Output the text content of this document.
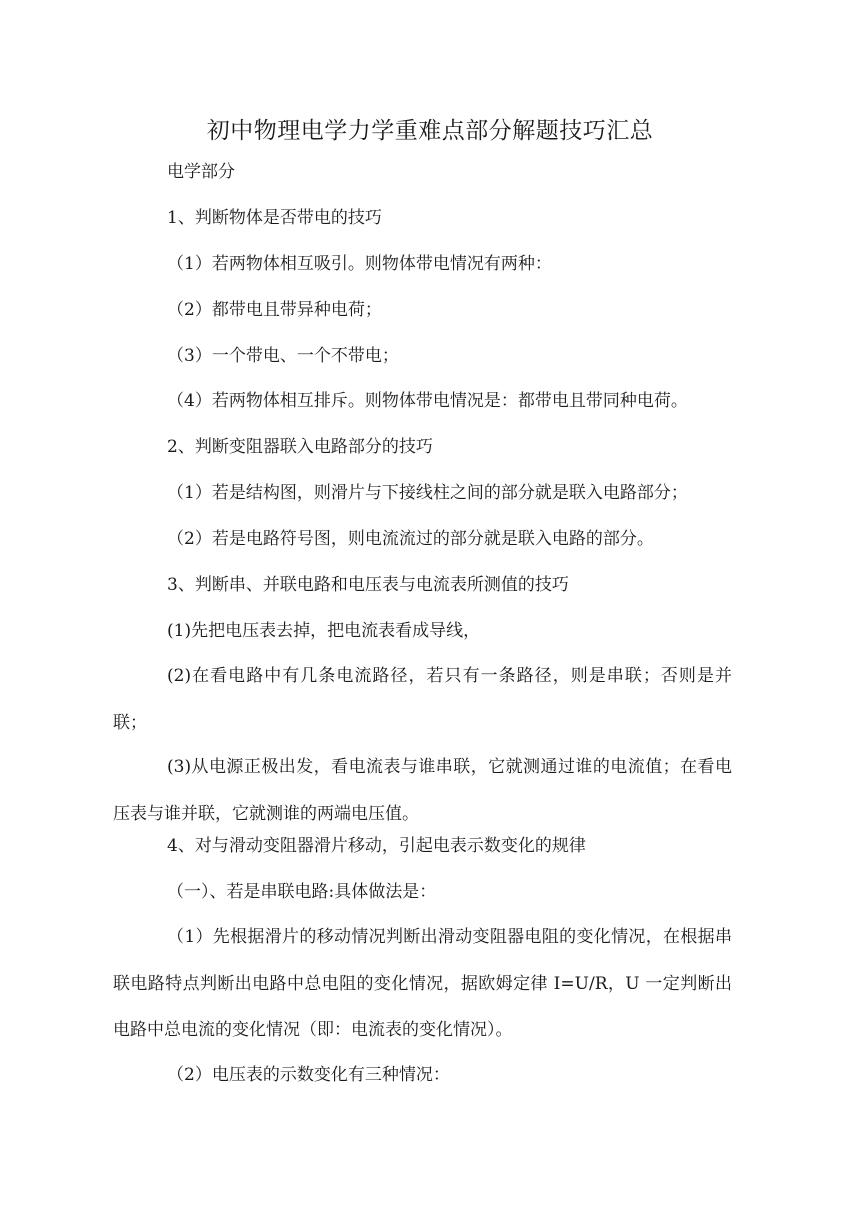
初中物理电学力学重难点部分解题技巧汇总
电学部分
1、判断物体是否带电的技巧
（1）若两物体相互吸引。则物体带电情况有两种：
（2）都带电且带异种电荷；
（3）一个带电、一个不带电；
（4）若两物体相互排斥。则物体带电情况是：都带电且带同种电荷。
2、判断变阻器联入电路部分的技巧
（1）若是结构图，则滑片与下接线柱之间的部分就是联入电路部分；
（2）若是电路符号图，则电流流过的部分就是联入电路的部分。
3、判断串、并联电路和电压表与电流表所测值的技巧
(1)先把电压表去掉，把电流表看成导线，
(2)在看电路中有几条电流路径，若只有一条路径，则是串联；否则是并联；
(3)从电源正极出发，看电流表与谁串联，它就测通过谁的电流值；在看电压表与谁并联，它就测谁的两端电压值。
4、对与滑动变阻器滑片移动，引起电表示数变化的规律
（一）、若是串联电路:具体做法是：
（1）先根据滑片的移动情况判断出滑动变阻器电阻的变化情况，在根据串联电路特点判断出电路中总电阻的变化情况，据欧姆定律 I=U/R，U 一定判断出电路中总电流的变化情况（即：电流表的变化情况）。
（2）电压表的示数变化有三种情况：
